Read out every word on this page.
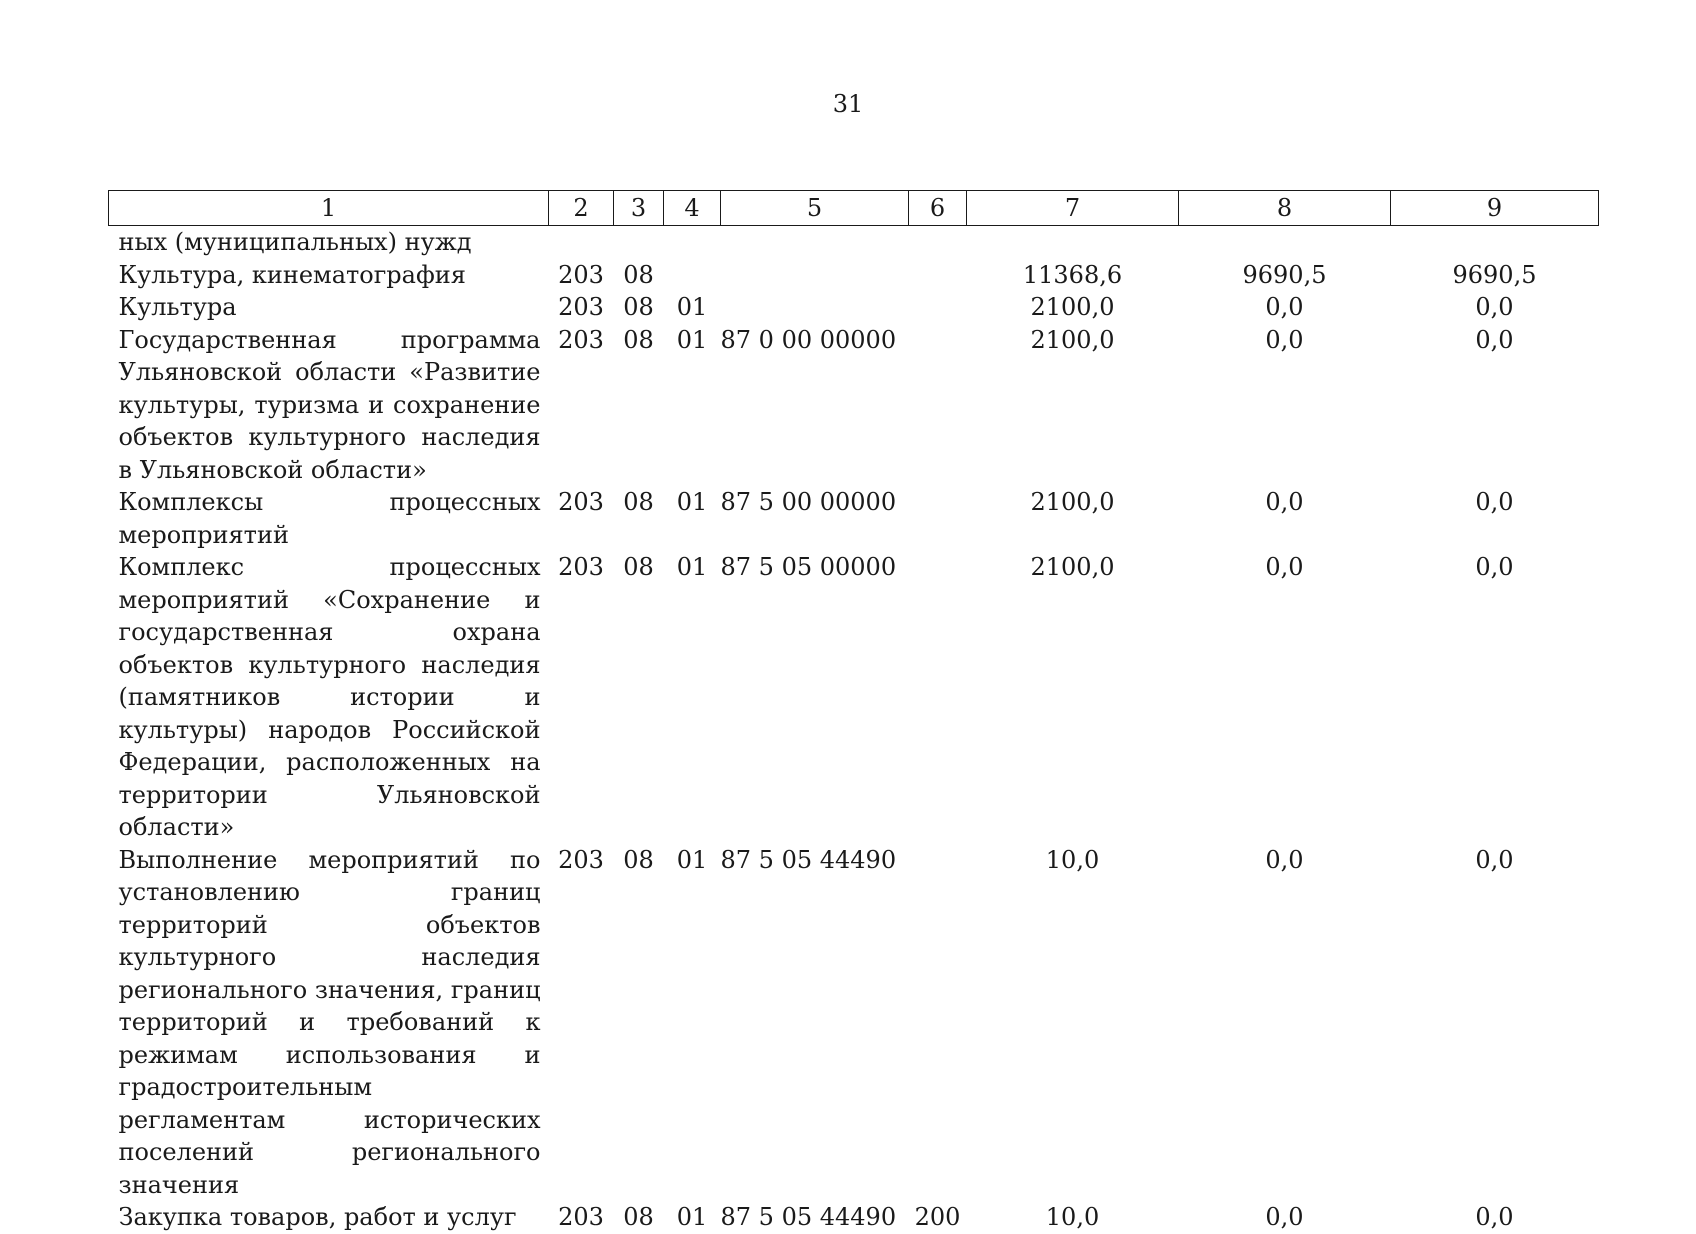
31
1	2	3	4	5	6	7	8	9
ных (муниципальных) нужд								
Культура, кинематография	203	08				11368,6	9690,5	9690,5
Культура	203	08	01			2100,0	0,0	0,0
Государственная программа Ульяновской области «Развитие культуры, туризма и сохранение объектов культурного наследия в Ульяновской области»	203	08	01	87 0 00 00000		2100,0	0,0	0,0
Комплексы процессных мероприятий	203	08	01	87 5 00 00000		2100,0	0,0	0,0
Комплекс процессных мероприятий «Сохранение и государственная охрана объектов культурного наследия (памятников истории и культуры) народов Российской Федерации, расположенных на территории Ульяновской области»	203	08	01	87 5 05 00000		2100,0	0,0	0,0
Выполнение мероприятий по установлению границ территорий объектов культурного наследия регионального значения, границ территорий и требований к режимам использования и градостроительным регламентам исторических поселений регионального значения	203	08	01	87 5 05 44490		10,0	0,0	0,0
Закупка товаров, работ и услуг	203	08	01	87 5 05 44490	200	10,0	0,0	0,0
